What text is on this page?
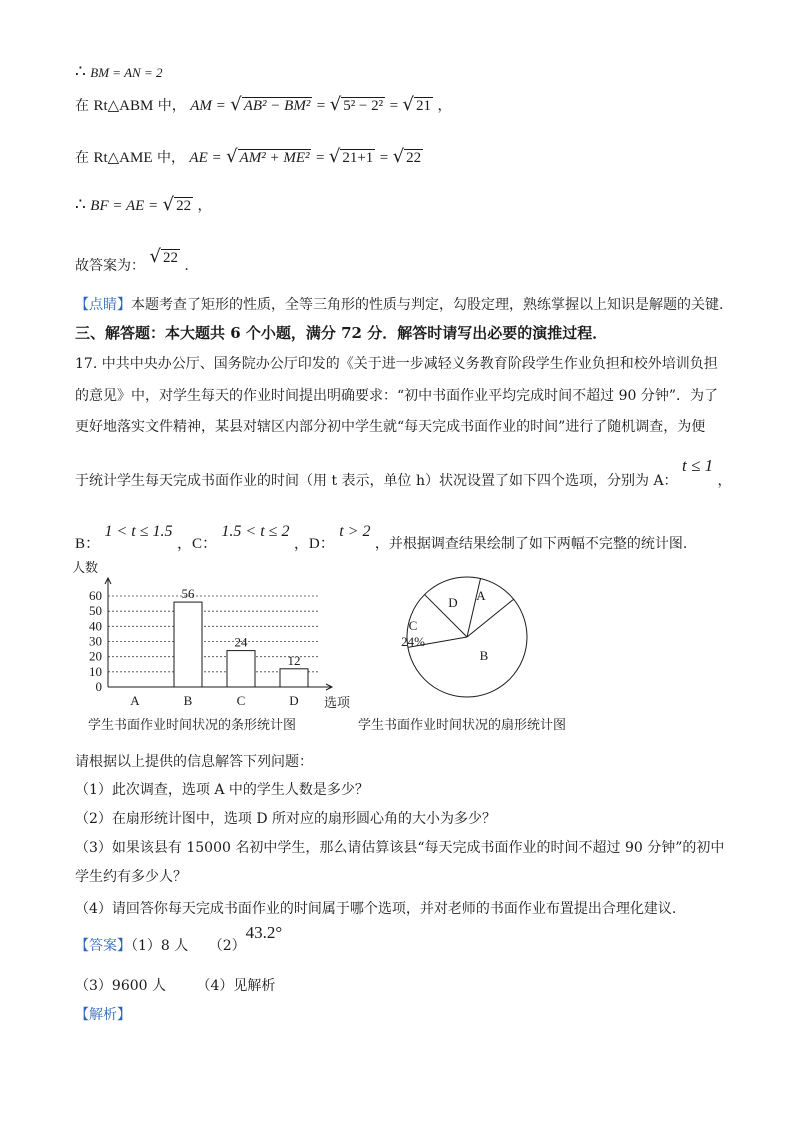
∴ BM = AN = 2
在 Rt△ABM 中， AM = √ AB² − BM² = √ 5² − 2² = √ 21 ，
在 Rt△AME 中， AE = √ AM² + ME² = √ 21+1 = √ 22
∴ BF = AE = √ 22 ，
故答案为： √ 22 .
【点睛】本题考查了矩形的性质，全等三角形的性质与判定，勾股定理，熟练掌握以上知识是解题的关键.
三、解答题：本大题共 6 个小题，满分 72 分．解答时请写出必要的演推过程．
17. 中共中央办公厅、国务院办公厅印发的《关于进一步减轻义务教育阶段学生作业负担和校外培训负担
的意见》中，对学生每天的作业时间提出明确要求：“初中书面作业平均完成时间不超过 90 分钟”．为了
更好地落实文件精神，某县对辖区内部分初中学生就“每天完成书面作业的时间”进行了随机调查，为便
于统计学生每天完成书面作业的时间（用 t 表示，单位 h）状况设置了如下四个选项，分别为 A： t ≤ 1 ，
B： 1 < t ≤ 1.5 ，C： 1.5 < t ≤ 2 ，D： t > 2 ，并根据调查结果绘制了如下两幅不完整的统计图.
0
10
20
30
40
50
60
人数
选项
A	B
56
C
24
D
12
A
B
C
24%
D
学生书面作业时间状况的条形统计图	学生书面作业时间状况的扇形统计图
请根据以上提供的信息解答下列问题：
（1）此次调查，选项 A 中的学生人数是多少？
（2）在扇形统计图中，选项 D 所对应的扇形圆心角的大小为多少？
（3）如果该县有 15000 名初中学生，那么请估算该县“每天完成书面作业的时间不超过 90 分钟”的初中
学生约有多少人？
（4）请回答你每天完成书面作业的时间属于哪个选项，并对老师的书面作业布置提出合理化建议.
【答案】（1）8 人 （2）43.2°
（3）9600 人 （4）见解析
【解析】
